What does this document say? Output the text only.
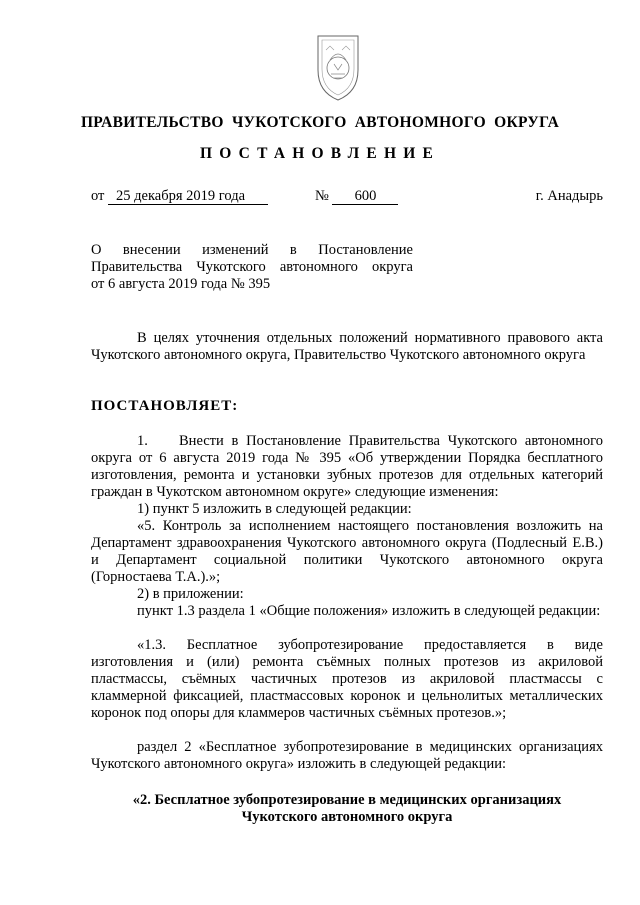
ПРАВИТЕЛЬСТВО ЧУКОТСКОГО АВТОНОМНОГО ОКРУГА
ПОСТАНОВЛЕНИЕ
от 25 декабря 2019 года	№ 600	г. Анадырь
О внесении изменений в Постановление
Правительства Чукотского автономного округа
от 6 августа 2019 года № 395
В целях уточнения отдельных положений нормативного правового акта Чукотского автономного округа, Правительство Чукотского автономного округа
ПОСТАНОВЛЯЕТ:
1.    Внести в Постановление Правительства Чукотского автономного округа от 6 августа 2019 года № 395 «Об утверждении Порядка бесплатного изготовления, ремонта и установки зубных протезов для отдельных категорий граждан в Чукотском автономном округе» следующие изменения:
1) пункт 5 изложить в следующей редакции:
«5. Контроль за исполнением настоящего постановления возложить на Департамент здравоохранения Чукотского автономного округа (Подлесный Е.В.) и Департамент социальной политики Чукотского автономного округа (Горностаева Т.А.).»;
2) в приложении:
пункт 1.3 раздела 1 «Общие положения» изложить в следующей редакции:
«1.3. Бесплатное зубопротезирование предоставляется в виде изготовления и (или) ремонта съёмных полных протезов из акриловой пластмассы, съёмных частичных протезов из акриловой пластмассы с кламмерной фиксацией, пластмассовых коронок и цельнолитых металлических коронок под опоры для кламмеров частичных съёмных протезов.»;
раздел 2 «Бесплатное зубопротезирование в медицинских организациях Чукотского автономного округа» изложить в следующей редакции:
«2. Бесплатное зубопротезирование в медицинских организациях
Чукотского автономного округа
